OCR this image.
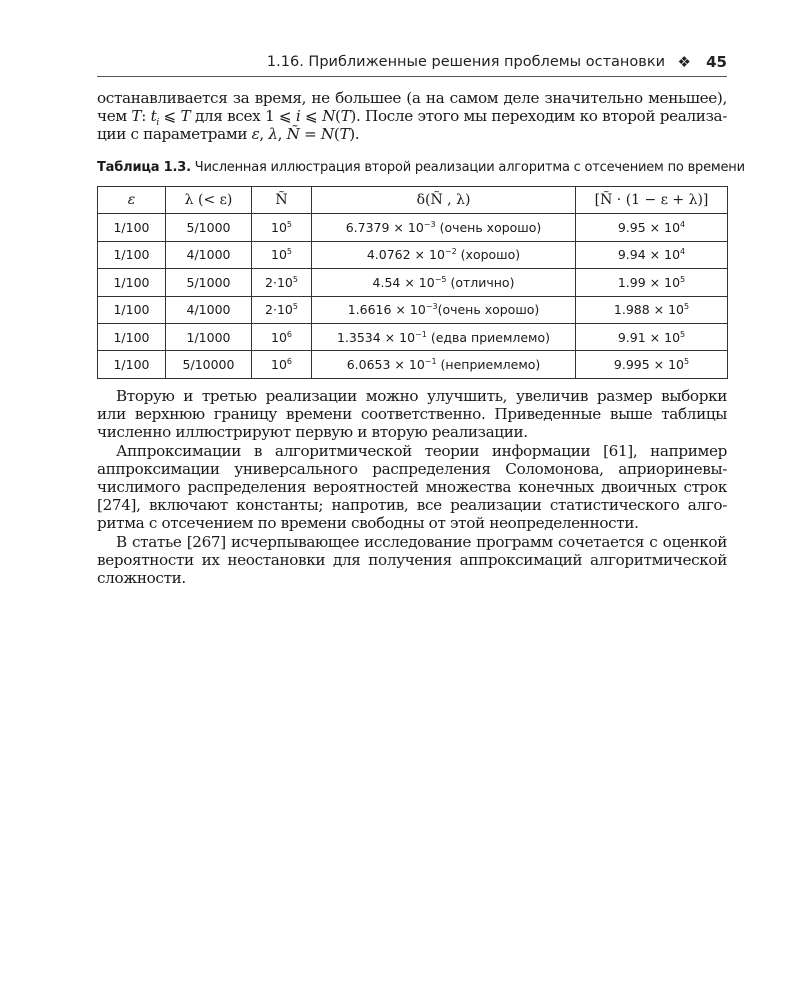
1.16. Приближенные решения проблемы остановки ❖ 45
останавливается за время, не большее (а на самом деле значительно меньшее),
чем T: $t_i$ ⩽ T для всех 1 ⩽ i ⩽ N(T). После этого мы переходим ко второй реализа-
ции с параметрами ε, λ, Ñ = N(T).
Таблица 1.3. Численная иллюстрация второй реализации алгоритма с отсечением по времени
ε	λ (< ε)	Ñ	δ(Ñ , λ)	[Ñ · (1 − ε + λ)]
1/100	5/1000	$10^5$	$6.7379 \times 10^{-3}$ (очень хорошо)	$9.95 \times 10^4$
1/100	4/1000	$10^5$	$4.0762 \times 10^{-2}$ (хорошо)	$9.94 \times 10^4$
1/100	5/1000	$2\cdot 10^5$	$4.54 \times 10^{-5}$ (отлично)	$1.99 \times 10^5$
1/100	4/1000	$2\cdot 10^5$	$1.6616 \times 10^{-3}(очень$ хорошо)	$1.988 \times 10^5$
1/100	1/1000	$10^6$	$1.3534 \times 10^{-1}$ (едва приемлемо)	$9.91 \times 10^5$
1/100	5/10000	$10^6$	$6.0653 \times 10^{-1}$ (неприемлемо)	$9.995 \times 10^5$
Вторую и третью реализации можно улучшить, увеличив размер выборки
или верхнюю границу времени соответственно. Приведенные выше таблицы
численно иллюстрируют первую и вторую реализации.
Аппроксимации в алгоритмической теории информации [61], например
аппроксимации универсального распределения Соломонова, априориневы-
числимого распределения вероятностей множества конечных двоичных строк
[274], включают константы; напротив, все реализации статистического алго-
ритма с отсечением по времени свободны от этой неопределенности.
В статье [267] исчерпывающее исследование программ сочетается с оценкой
вероятности их неостановки для получения аппроксимаций алгоритмической
сложности.
